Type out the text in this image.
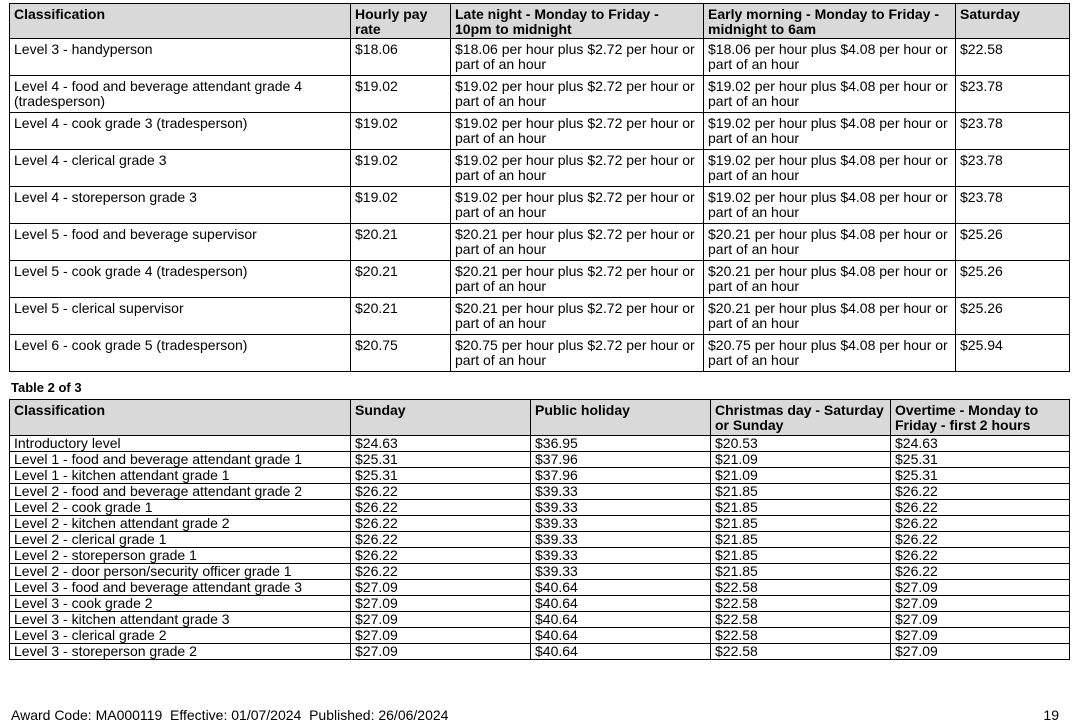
Classification	Hourly pay rate	Late night - Monday to Friday - 10pm to midnight	Early morning - Monday to Friday - midnight to 6am	Saturday
Level 3 - handyperson	$18.06	$18.06 per hour plus $2.72 per hour or part of an hour	$18.06 per hour plus $4.08 per hour or part of an hour	$22.58
Level 4 - food and beverage attendant grade 4 (tradesperson)	$19.02	$19.02 per hour plus $2.72 per hour or part of an hour	$19.02 per hour plus $4.08 per hour or part of an hour	$23.78
Level 4 - cook grade 3 (tradesperson)	$19.02	$19.02 per hour plus $2.72 per hour or part of an hour	$19.02 per hour plus $4.08 per hour or part of an hour	$23.78
Level 4 - clerical grade 3	$19.02	$19.02 per hour plus $2.72 per hour or part of an hour	$19.02 per hour plus $4.08 per hour or part of an hour	$23.78
Level 4 - storeperson grade 3	$19.02	$19.02 per hour plus $2.72 per hour or part of an hour	$19.02 per hour plus $4.08 per hour or part of an hour	$23.78
Level 5 - food and beverage supervisor	$20.21	$20.21 per hour plus $2.72 per hour or part of an hour	$20.21 per hour plus $4.08 per hour or part of an hour	$25.26
Level 5 - cook grade 4 (tradesperson)	$20.21	$20.21 per hour plus $2.72 per hour or part of an hour	$20.21 per hour plus $4.08 per hour or part of an hour	$25.26
Level 5 - clerical supervisor	$20.21	$20.21 per hour plus $2.72 per hour or part of an hour	$20.21 per hour plus $4.08 per hour or part of an hour	$25.26
Level 6 - cook grade 5 (tradesperson)	$20.75	$20.75 per hour plus $2.72 per hour or part of an hour	$20.75 per hour plus $4.08 per hour or part of an hour	$25.94
Table 2 of 3
Classification	Sunday	Public holiday	Christmas day - Saturday or Sunday	Overtime - Monday to Friday - first 2 hours
Introductory level	$24.63	$36.95	$20.53	$24.63
Level 1 - food and beverage attendant grade 1	$25.31	$37.96	$21.09	$25.31
Level 1 - kitchen attendant grade 1	$25.31	$37.96	$21.09	$25.31
Level 2 - food and beverage attendant grade 2	$26.22	$39.33	$21.85	$26.22
Level 2 - cook grade 1	$26.22	$39.33	$21.85	$26.22
Level 2 - kitchen attendant grade 2	$26.22	$39.33	$21.85	$26.22
Level 2 - clerical grade 1	$26.22	$39.33	$21.85	$26.22
Level 2 - storeperson grade 1	$26.22	$39.33	$21.85	$26.22
Level 2 - door person/security officer grade 1	$26.22	$39.33	$21.85	$26.22
Level 3 - food and beverage attendant grade 3	$27.09	$40.64	$22.58	$27.09
Level 3 - cook grade 2	$27.09	$40.64	$22.58	$27.09
Level 3 - kitchen attendant grade 3	$27.09	$40.64	$22.58	$27.09
Level 3 - clerical grade 2	$27.09	$40.64	$22.58	$27.09
Level 3 - storeperson grade 2	$27.09	$40.64	$22.58	$27.09
Award Code: MA000119  Effective: 01/07/2024  Published: 26/06/2024	19
